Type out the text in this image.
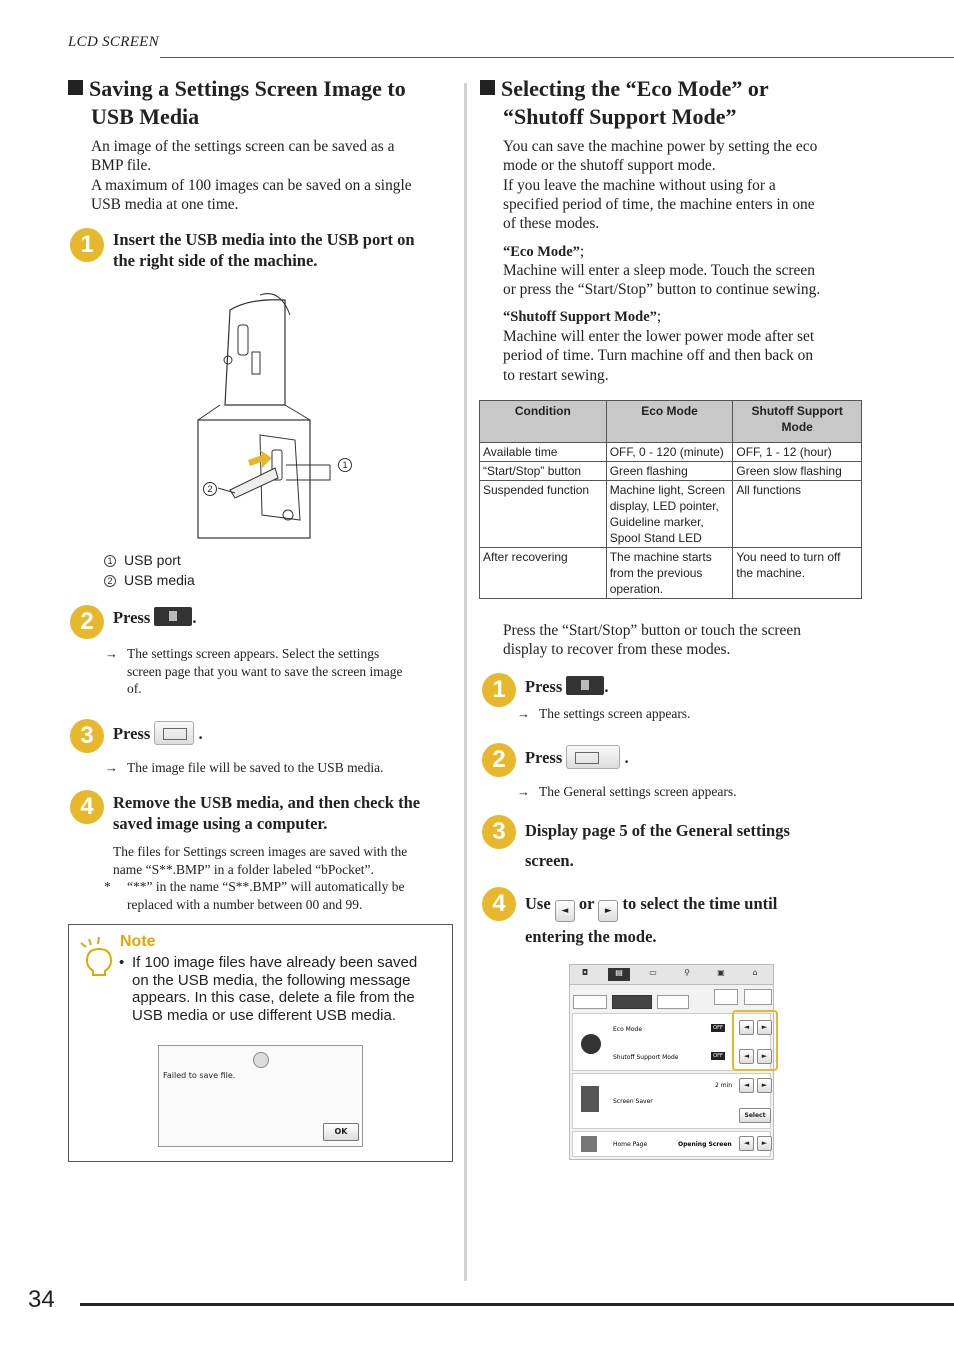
LCD SCREEN
Saving a Settings Screen Image to
USB Media
An image of the settings screen can be saved as a
BMP file.
A maximum of 100 images can be saved on a single
USB media at one time.
1	Insert the USB media into the USB port on
the right side of the machine.
1
2
1 USB port
2 USB media
2	Press	.
→ The settings screen appears. Select the settings
screen page that you want to save the screen image
of.
3	Press	.
→ The image file will be saved to the USB media.
4	Remove the USB media, and then check the
saved image using a computer.
The files for Settings screen images are saved with the
name “S**.BMP” in a folder labeled “bPocket”.
* “**” in the name “S**.BMP” will automatically be
replaced with a number between 00 and 99.
Note
• If 100 image files have already been saved
on the USB media, the following message
appears. In this case, delete a file from the
USB media or use different USB media.
Failed to save file.
OK
Selecting the “Eco Mode” or
“Shutoff Support Mode”
You can save the machine power by setting the eco
mode or the shutoff support mode.
If you leave the machine without using for a
specified period of time, the machine enters in one
of these modes.
“Eco Mode”;
Machine will enter a sleep mode. Touch the screen
or press the “Start/Stop” button to continue sewing.
“Shutoff Support Mode”;
Machine will enter the lower power mode after set
period of time. Turn machine off and then back on
to restart sewing.
Condition	Eco Mode	Shutoff Support Mode
Available time	OFF, 0 - 120 (minute)	OFF, 1 - 12 (hour)
“Start/Stop” button	Green flashing	Green slow flashing
Suspended function	Machine light, Screen display, LED pointer, Guideline marker, Spool Stand LED	All functions
After recovering	The machine starts from the previous operation.	You need to turn off the machine.
Press the “Start/Stop” button or touch the screen
display to recover from these modes.
1	Press	.
→ The settings screen appears.
2	Press	.
→ The General settings screen appears.
3	Display page 5 of the General settings
screen.
4	Use ◄ or ► to select the time until
entering the mode.
◘	▤	▭	⚲	▣	⌂
Eco Mode
Shutoff Support Mode
OFF
OFF
◄	►
◄	►
Screen Saver
2 min	◄	►
Select
Home Page	Opening Screen	◄	►
34
